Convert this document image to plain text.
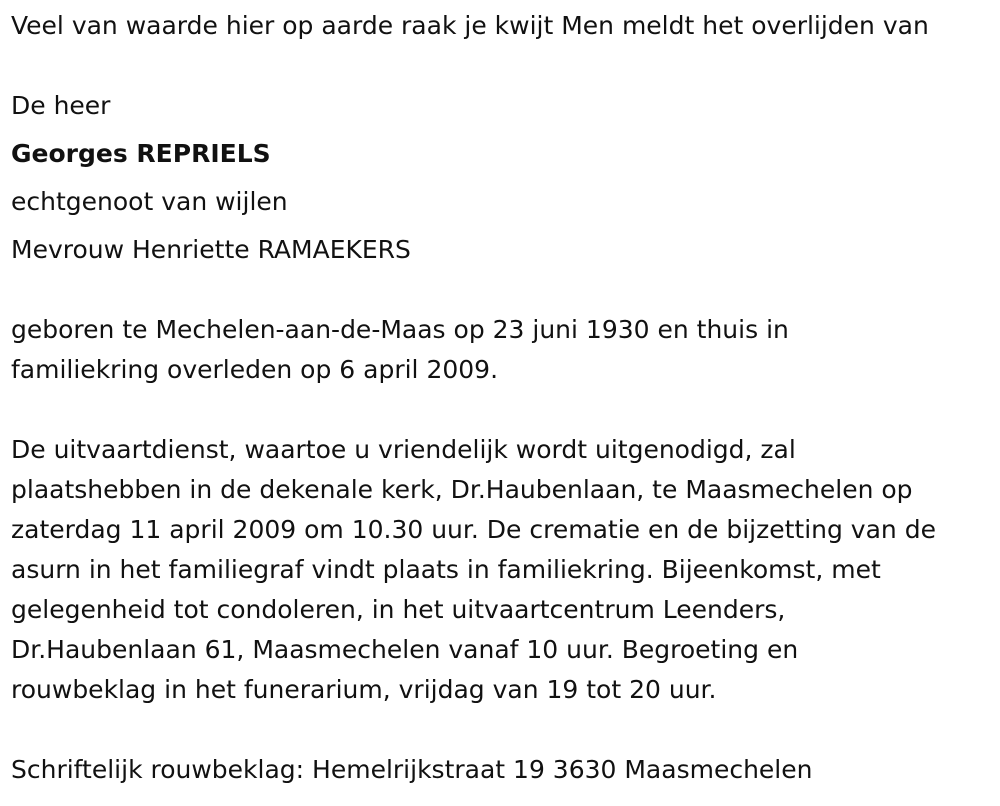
Veel van waarde hier op aarde raak je kwijt Men meldt het overlijden van
De heer
Georges REPRIELS
echtgenoot van wijlen
Mevrouw Henriette RAMAEKERS
geboren te Mechelen-aan-de-Maas op 23 juni 1930 en thuis in
familiekring overleden op 6 april 2009.
De uitvaartdienst, waartoe u vriendelijk wordt uitgenodigd, zal
plaatshebben in de dekenale kerk, Dr.Haubenlaan, te Maasmechelen op
zaterdag 11 april 2009 om 10.30 uur. De crematie en de bijzetting van de
asurn in het familiegraf vindt plaats in familiekring. Bijeenkomst, met
gelegenheid tot condoleren, in het uitvaartcentrum Leenders,
Dr.Haubenlaan 61, Maasmechelen vanaf 10 uur. Begroeting en
rouwbeklag in het funerarium, vrijdag van 19 tot 20 uur.
Schriftelijk rouwbeklag: Hemelrijkstraat 19 3630 Maasmechelen
